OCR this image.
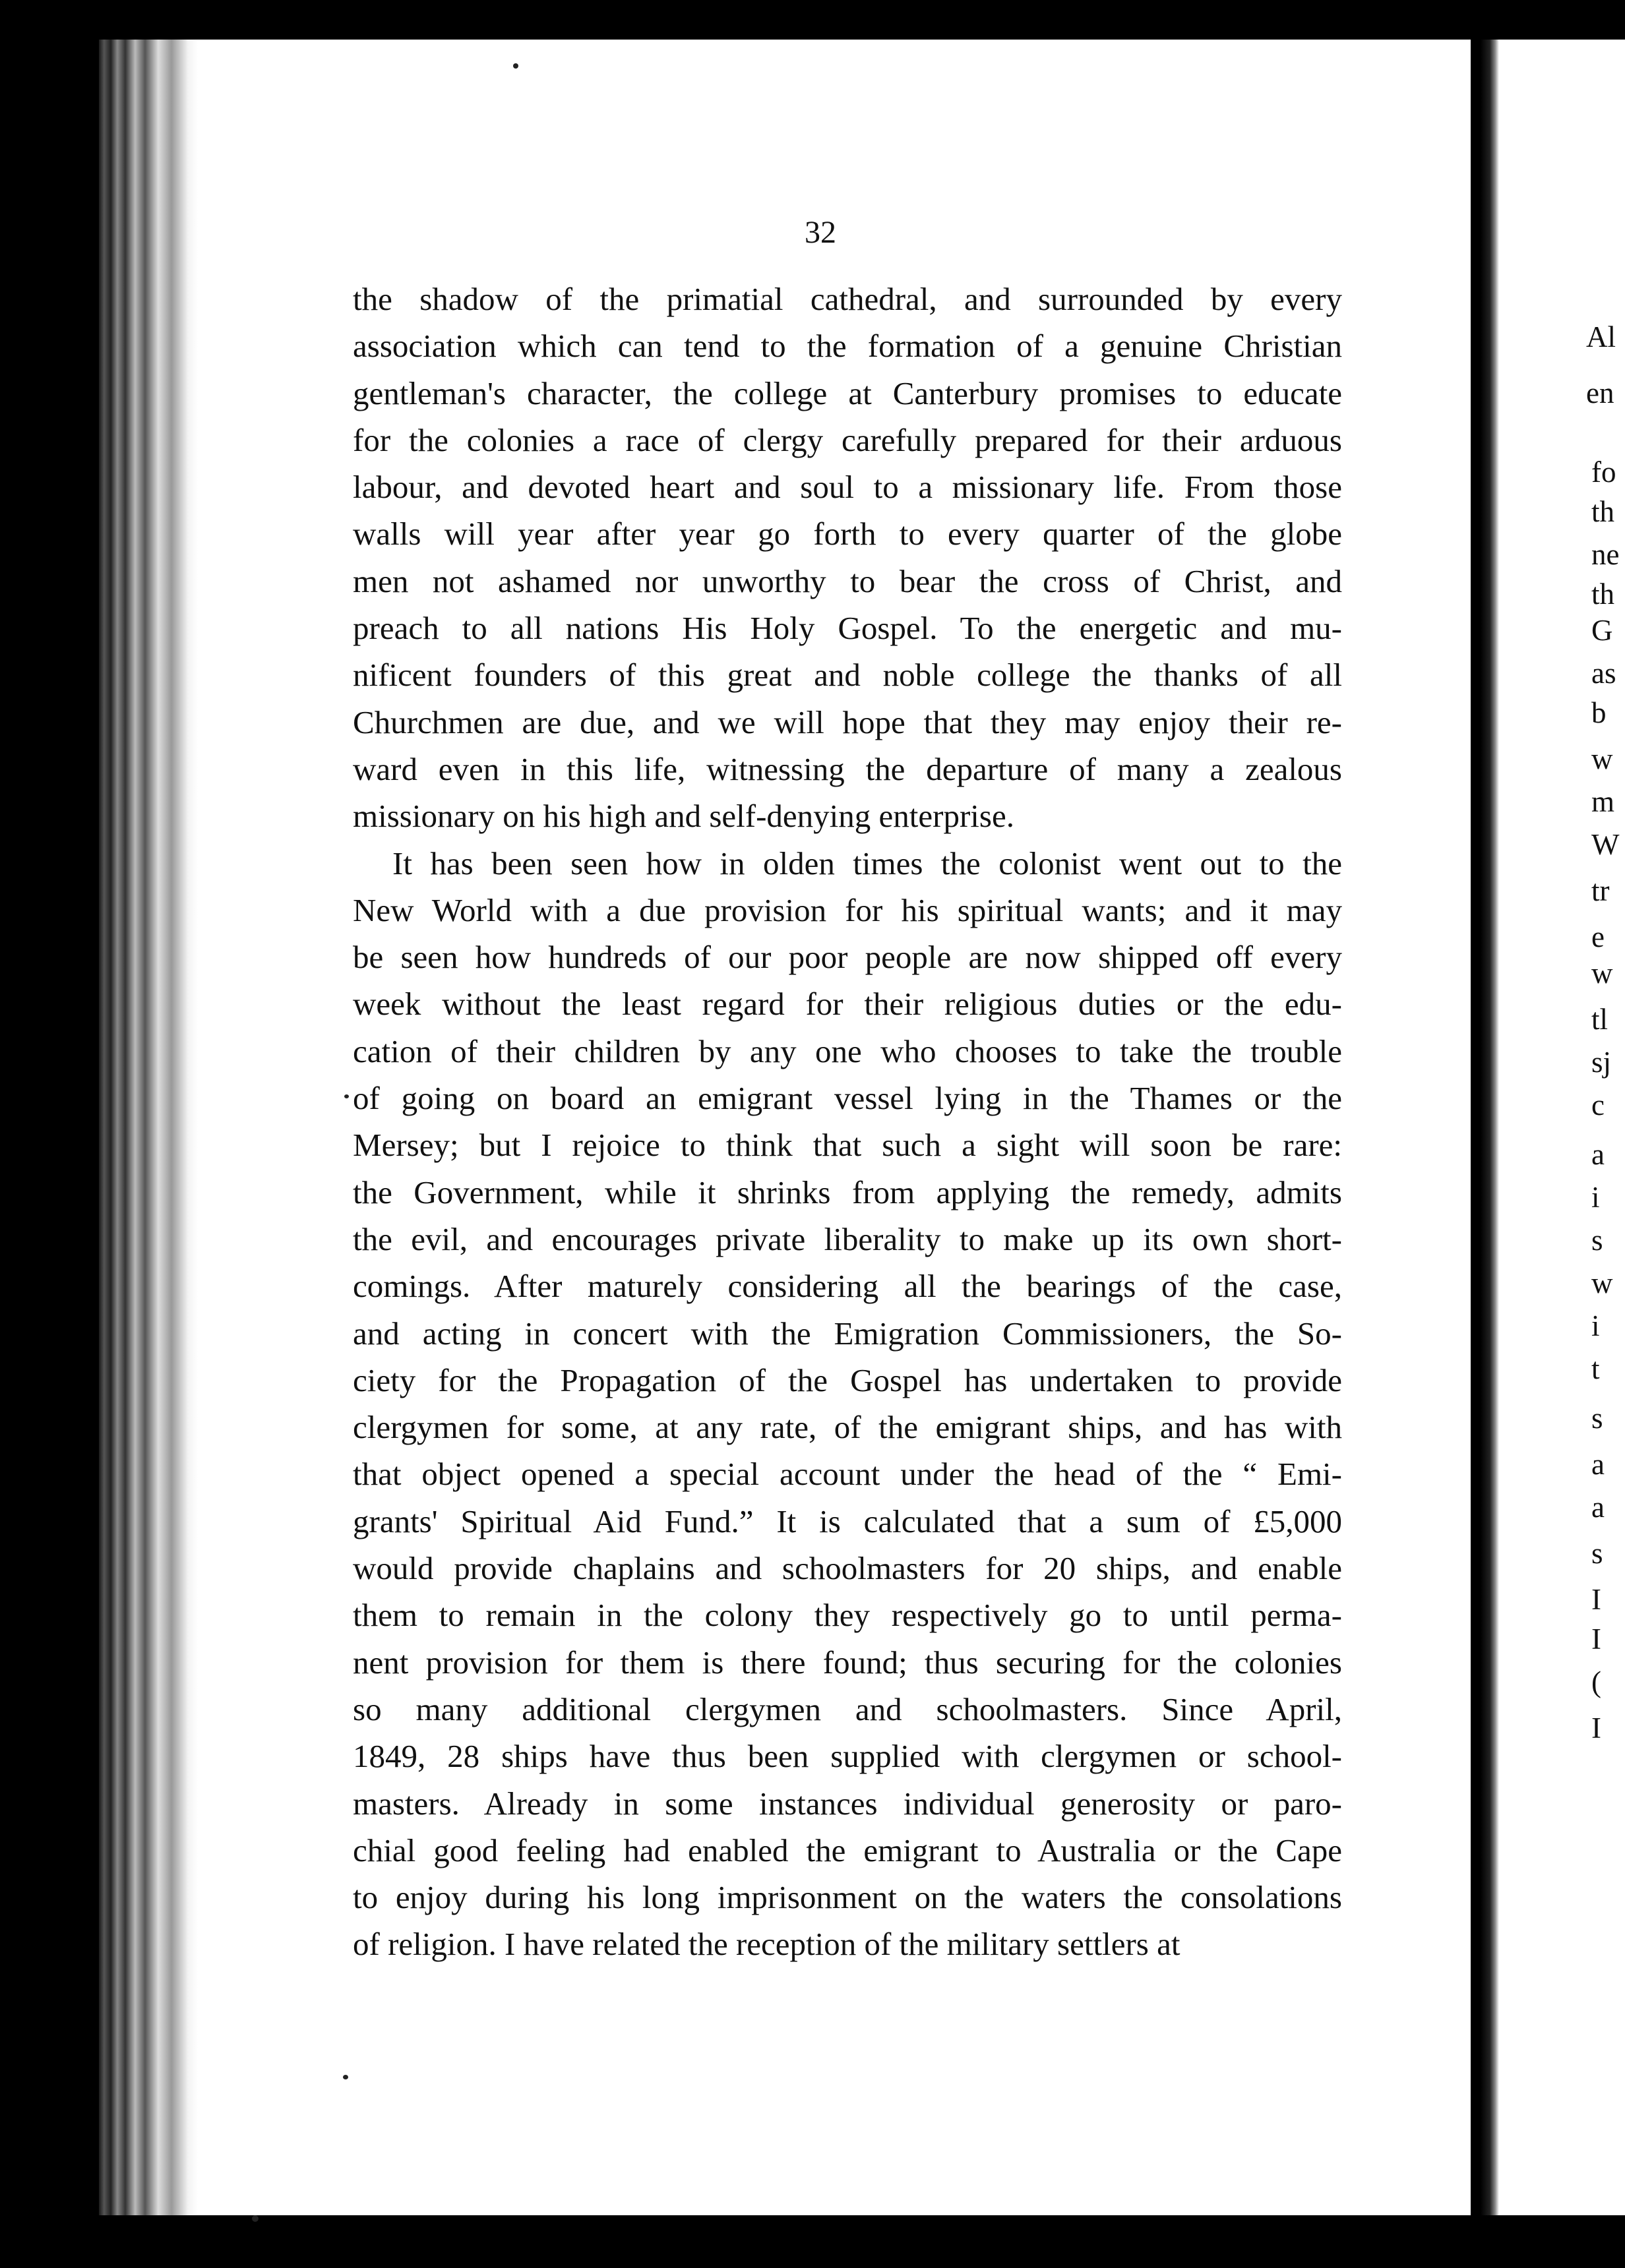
Al
en
fo
th
ne
th
G
as
b
w
m
W
tr
e
w
tl
sj
c
a
i
s
w
i
t
s
a
a
s
I
I
(
I
32
the shadow of the primatial cathedral, and surrounded by every
association which can tend to the formation of a genuine Christian
gentleman's character, the college at Canterbury promises to educate
for the colonies a race of clergy carefully prepared for their arduous
labour, and devoted heart and soul to a missionary life. From those
walls will year after year go forth to every quarter of the globe
men not ashamed nor unworthy to bear the cross of Christ, and
preach to all nations His Holy Gospel. To the energetic and mu-
nificent founders of this great and noble college the thanks of all
Churchmen are due, and we will hope that they may enjoy their re-
ward even in this life, witnessing the departure of many a zealous
missionary on his high and self-denying enterprise.
It has been seen how in olden times the colonist went out to the
New World with a due provision for his spiritual wants; and it may
be seen how hundreds of our poor people are now shipped off every
week without the least regard for their religious duties or the edu-
cation of their children by any one who chooses to take the trouble
of going on board an emigrant vessel lying in the Thames or the
Mersey; but I rejoice to think that such a sight will soon be rare:
the Government, while it shrinks from applying the remedy, admits
the evil, and encourages private liberality to make up its own short-
comings. After maturely considering all the bearings of the case,
and acting in concert with the Emigration Commissioners, the So-
ciety for the Propagation of the Gospel has undertaken to provide
clergymen for some, at any rate, of the emigrant ships, and has with
that object opened a special account under the head of the “ Emi-
grants' Spiritual Aid Fund.” It is calculated that a sum of £5,000
would provide chaplains and schoolmasters for 20 ships, and enable
them to remain in the colony they respectively go to until perma-
nent provision for them is there found; thus securing for the colonies
so many additional clergymen and schoolmasters. Since April,
1849, 28 ships have thus been supplied with clergymen or school-
masters. Already in some instances individual generosity or paro-
chial good feeling had enabled the emigrant to Australia or the Cape
to enjoy during his long imprisonment on the waters the consolations
of religion. I have related the reception of the military settlers at
